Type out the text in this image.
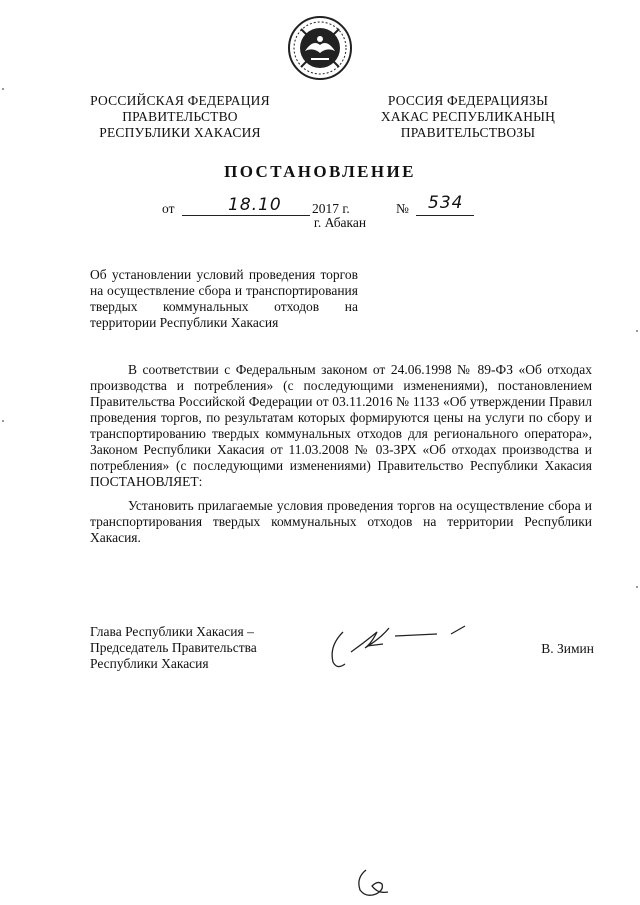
РОССИЙСКАЯ ФЕДЕРАЦИЯ
ПРАВИТЕЛЬСТВО
РЕСПУБЛИКИ ХАКАСИЯ
РОССИЯ ФЕДЕРАЦИЯЗЫ
ХАКАС РЕСПУБЛИКАНЫҢ
ПРАВИТЕЛЬСТВОЗЫ
ПОСТАНОВЛЕНИЕ
от	18.10 2017 г.	№ 534
г. Абакан
Об установлении условий проведения торгов на осуществление сбора и транспортирования твердых коммунальных отходов на территории Республики Хакасия

В соответствии с Федеральным законом от 24.06.1998 № 89-ФЗ «Об отходах производства и потребления» (с последующими изменениями), постановлением Правительства Российской Федерации от 03.11.2016 № 1133 «Об утверждении Правил проведения торгов, по результатам которых формируются цены на услуги по сбору и транспортированию твердых коммунальных отходов для регионального оператора», Законом Республики Хакасия от 11.03.2008 № 03-ЗРХ «Об отходах производства и потребления» (с последующими изменениями) Правительство Республики Хакасия ПОСТАНОВЛЯЕТ:

Установить прилагаемые условия проведения торгов на осуществление сбора и транспортирования твердых коммунальных отходов на территории Республики Хакасия.

Глава Республики Хакасия –
Председатель Правительства
Республики Хакасия
В. Зимин
